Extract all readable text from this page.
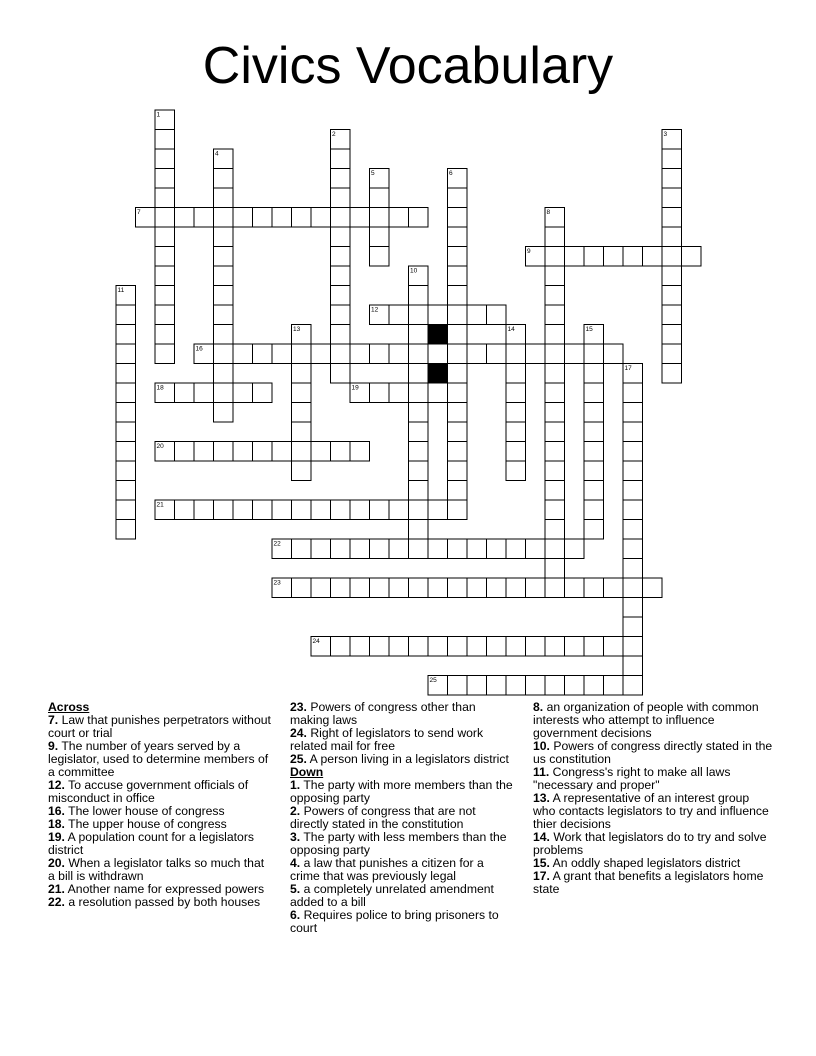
Civics Vocabulary
1
2	3
4
5	6
7	8
9
10
11
12
13	14	15
16
17
18	19
20
21
22
23
24
25
Across
7. Law that punishes perpetrators without court or trial
9. The number of years served by a legislator, used to determine members of a committee
12. To accuse government officials of misconduct in office
16. The lower house of congress
18. The upper house of congress
19. A population count for a legislators district
20. When a legislator talks so much that a bill is withdrawn
21. Another name for expressed powers
22. a resolution passed by both houses
23. Powers of congress other than making laws
24. Right of legislators to send work related mail for free
25. A person living in a legislators district
Down
1. The party with more members than the opposing party
2. Powers of congress that are not directly stated in the constitution
3. The party with less members than the opposing party
4. a law that punishes a citizen for a crime that was previously legal
5. a completely unrelated amendment added to a bill
6. Requires police to bring prisoners to court
8. an organization of people with common interests who attempt to influence government decisions
10. Powers of congress directly stated in the us constitution
11. Congress's right to make all laws "necessary and proper"
13. A representative of an interest group who contacts legislators to try and influence thier decisions
14. Work that legislators do to try and solve problems
15. An oddly shaped legislators district
17. A grant that benefits a legislators home state
